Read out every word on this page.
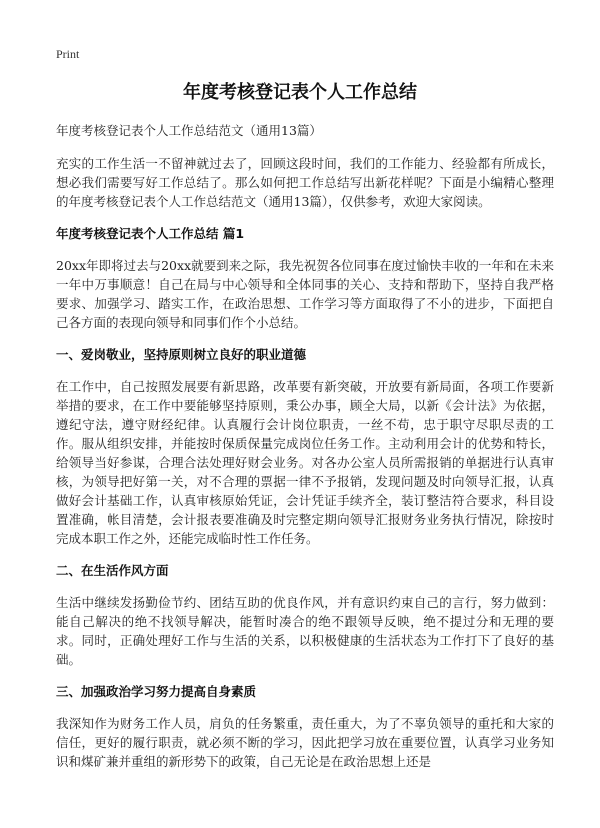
Print

年度考核登记表个人工作总结

年度考核登记表个人工作总结范文（通用13篇）

充实的工作生活一不留神就过去了，回顾这段时间，我们的工作能力、经验都有所成长，想必我们需要写好工作总结了。那么如何把工作总结写出新花样呢？下面是小编精心整理的年度考核登记表个人工作总结范文（通用13篇），仅供参考，欢迎大家阅读。

年度考核登记表个人工作总结 篇1

20xx年即将过去与20xx就要到来之际，我先祝贺各位同事在度过愉快丰收的一年和在未来一年中万事顺意！自己在局与中心领导和全体同事的关心、支持和帮助下，坚持自我严格要求、加强学习、踏实工作，在政治思想、工作学习等方面取得了不小的进步，下面把自己各方面的表现向领导和同事们作个小总结。

一、爱岗敬业，坚持原则树立良好的职业道德

在工作中，自己按照发展要有新思路，改革要有新突破，开放要有新局面，各项工作要新举措的要求，在工作中要能够坚持原则，秉公办事，顾全大局，以新《会计法》为依据，遵纪守法，遵守财经纪律。认真履行会计岗位职责，一丝不苟，忠于职守尽职尽责的工作。服从组织安排，并能按时保质保量完成岗位任务工作。主动利用会计的优势和特长，给领导当好参谋，合理合法处理好财会业务。对各办公室人员所需报销的单据进行认真审核，为领导把好第一关，对不合理的票据一律不予报销，发现问题及时向领导汇报，认真做好会计基础工作，认真审核原始凭证，会计凭证手续齐全，装订整洁符合要求，科目设置准确，帐目清楚，会计报表要准确及时完整定期向领导汇报财务业务执行情况，除按时完成本职工作之外，还能完成临时性工作任务。

二、在生活作风方面

生活中继续发扬勤俭节约、团结互助的优良作风，并有意识约束自己的言行，努力做到：能自己解决的绝不找领导解决，能暂时凑合的绝不跟领导反映，绝不提过分和无理的要求。同时，正确处理好工作与生活的关系，以积极健康的生活状态为工作打下了良好的基础。

三、加强政治学习努力提高自身素质

我深知作为财务工作人员，肩负的任务繁重，责任重大，为了不辜负领导的重托和大家的信任，更好的履行职责，就必须不断的学习，因此把学习放在重要位置，认真学习业务知识和煤矿兼并重组的新形势下的政策，自己无论是在政治思想上还是
